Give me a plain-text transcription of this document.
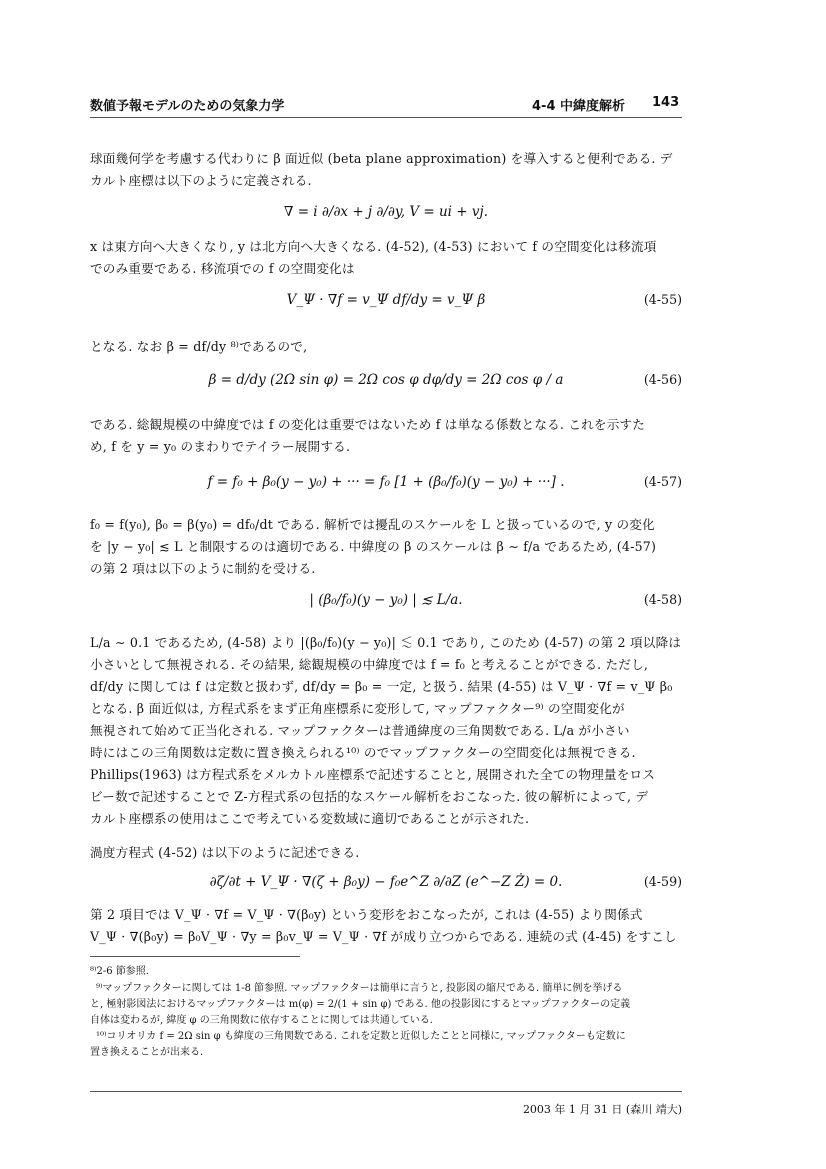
数値予報モデルのための気象力学	4-4 中緯度解析 143
球面幾何学を考慮する代わりに β 面近似 (beta plane approximation) を導入すると便利である. デ
カルト座標は以下のように定義される.
∇ = i ∂/∂x + j ∂/∂y, V = ui + vj.
x は東方向へ大きくなり, y は北方向へ大きくなる. (4-52), (4-53) において f の空間変化は移流項
でのみ重要である. 移流項での f の空間変化は
V_Ψ · ∇f = v_Ψ df/dy = v_Ψ β	(4-55)
となる. なお β = df/dy ⁸⁾であるので,
β = d/dy (2Ω sin φ) = 2Ω cos φ dφ/dy = 2Ω cos φ / a	(4-56)
である. 総観規模の中緯度では f の変化は重要ではないため f は単なる係数となる. これを示すた
め, f を y = y₀ のまわりでテイラー展開する.
f = f₀ + β₀(y − y₀) + ··· = f₀ [1 + (β₀/f₀)(y − y₀) + ···] .	(4-57)
f₀ = f(y₀), β₀ = β(y₀) = df₀/dt である. 解析では擾乱のスケールを L と扱っているので, y の変化
を |y − y₀| ≲ L と制限するのは適切である. 中緯度の β のスケールは β ∼ f/a であるため, (4-57)
の第 2 項は以下のように制約を受ける.
| (β₀/f₀)(y − y₀) | ≲ L/a.	(4-58)
L/a ∼ 0.1 であるため, (4-58) より |(β₀/f₀)(y − y₀)| ≲ 0.1 であり, このため (4-57) の第 2 項以降は
小さいとして無視される. その結果, 総観規模の中緯度では f = f₀ と考えることができる. ただし,
df/dy に関しては f は定数と扱わず, df/dy = β₀ = 一定, と扱う. 結果 (4-55) は V_Ψ · ∇f = v_Ψ β₀
となる. β 面近似は, 方程式系をまず正角座標系に変形して, マップファクター⁹⁾ の空間変化が
無視されて始めて正当化される. マップファクターは普通緯度の三角関数である. L/a が小さい
時にはこの三角関数は定数に置き換えられる¹⁰⁾ のでマップファクターの空間変化は無視できる.
Phillips(1963) は方程式系をメルカトル座標系で記述することと, 展開された全ての物理量をロス
ビー数で記述することで Z-方程式系の包括的なスケール解析をおこなった. 彼の解析によって, デ
カルト座標系の使用はここで考えている変数域に適切であることが示された.
渦度方程式 (4-52) は以下のように記述できる.
∂ζ/∂t + V_Ψ · ∇(ζ + β₀y) − f₀e^Z ∂/∂Z (e^−Z Ż) = 0.	(4-59)
第 2 項目では V_Ψ · ∇f = V_Ψ · ∇(β₀y) という変形をおこなったが, これは (4-55) より関係式
V_Ψ · ∇(β₀y) = β₀V_Ψ · ∇y = β₀v_Ψ = V_Ψ · ∇f が成り立つからである. 連続の式 (4-45) をすこし
⁸⁾2-6 節参照.
⁹⁾マップファクターに関しては 1-8 節参照. マップファクターは簡単に言うと, 投影図の縮尺である. 簡単に例を挙げる
と, 極射影図法におけるマップファクターは m(φ) = 2/(1 + sin φ) である. 他の投影図にするとマップファクターの定義
自体は変わるが, 緯度 φ の三角関数に依存することに関しては共通している.
¹⁰⁾コリオリカ f = 2Ω sin φ も緯度の三角関数である. これを定数と近似したことと同様に, マップファクターも定数に
置き換えることが出来る.
2003 年 1 月 31 日 (森川 靖大)
